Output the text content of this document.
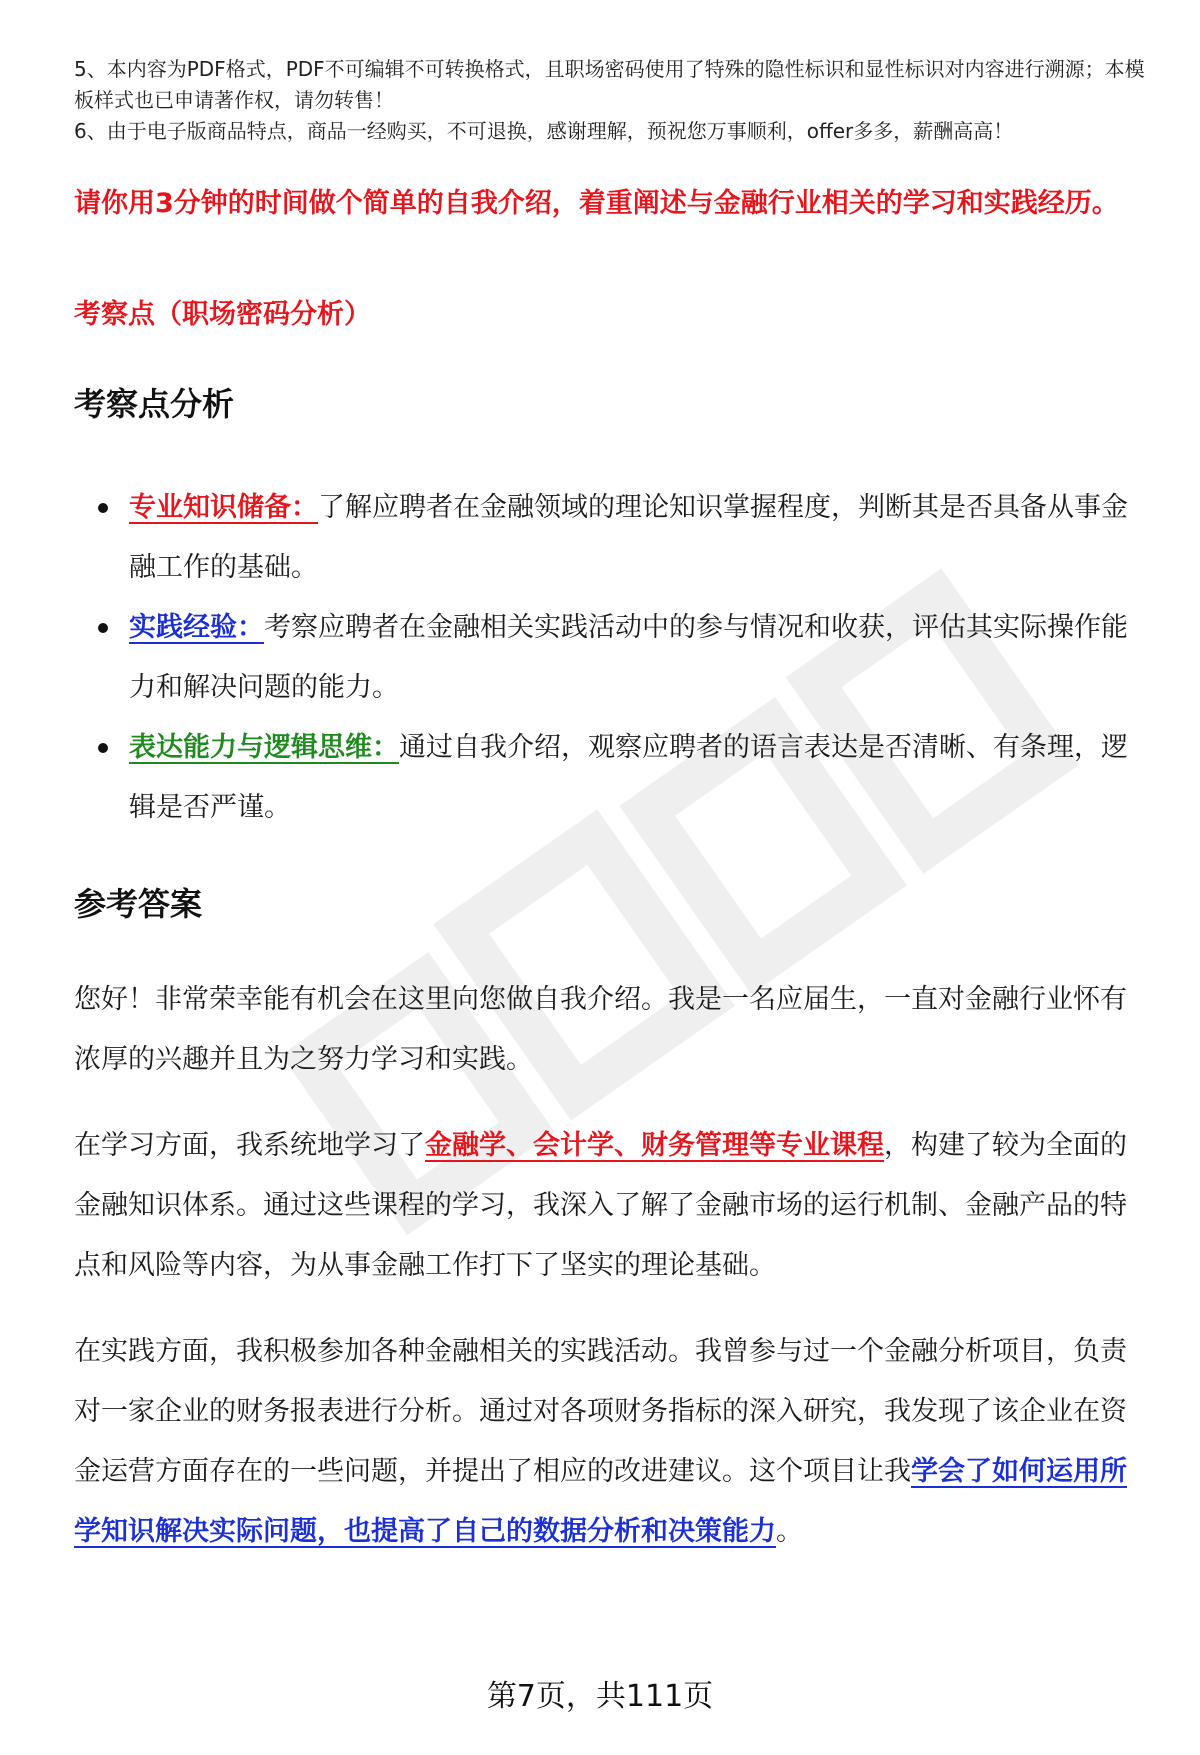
5、本内容为PDF格式，PDF不可编辑不可转换格式，且职场密码使用了特殊的隐性标识和显性标识对内容进行溯源；本模板样式也已申请著作权，请勿转售！

6、由于电子版商品特点，商品一经购买，不可退换，感谢理解，预祝您万事顺利，offer多多，薪酬高高！

请你用3分钟的时间做个简单的自我介绍，着重阐述与金融行业相关的学习和实践经历。

考察点（职场密码分析）

考察点分析
专业知识储备：了解应聘者在金融领域的理论知识掌握程度，判断其是否具备从事金融工作的基础。
实践经验：考察应聘者在金融相关实践活动中的参与情况和收获，评估其实际操作能力和解决问题的能力。
表达能力与逻辑思维：通过自我介绍，观察应聘者的语言表达是否清晰、有条理，逻辑是否严谨。
参考答案

您好！非常荣幸能有机会在这里向您做自我介绍。我是一名应届生，一直对金融行业怀有浓厚的兴趣并且为之努力学习和实践。

在学习方面，我系统地学习了金融学、会计学、财务管理等专业课程，构建了较为全面的金融知识体系。通过这些课程的学习，我深入了解了金融市场的运行机制、金融产品的特点和风险等内容，为从事金融工作打下了坚实的理论基础。

在实践方面，我积极参加各种金融相关的实践活动。我曾参与过一个金融分析项目，负责对一家企业的财务报表进行分析。通过对各项财务指标的深入研究，我发现了该企业在资金运营方面存在的一些问题，并提出了相应的改进建议。这个项目让我学会了如何运用所学知识解决实际问题，也提高了自己的数据分析和决策能力。

第7页，共111页
